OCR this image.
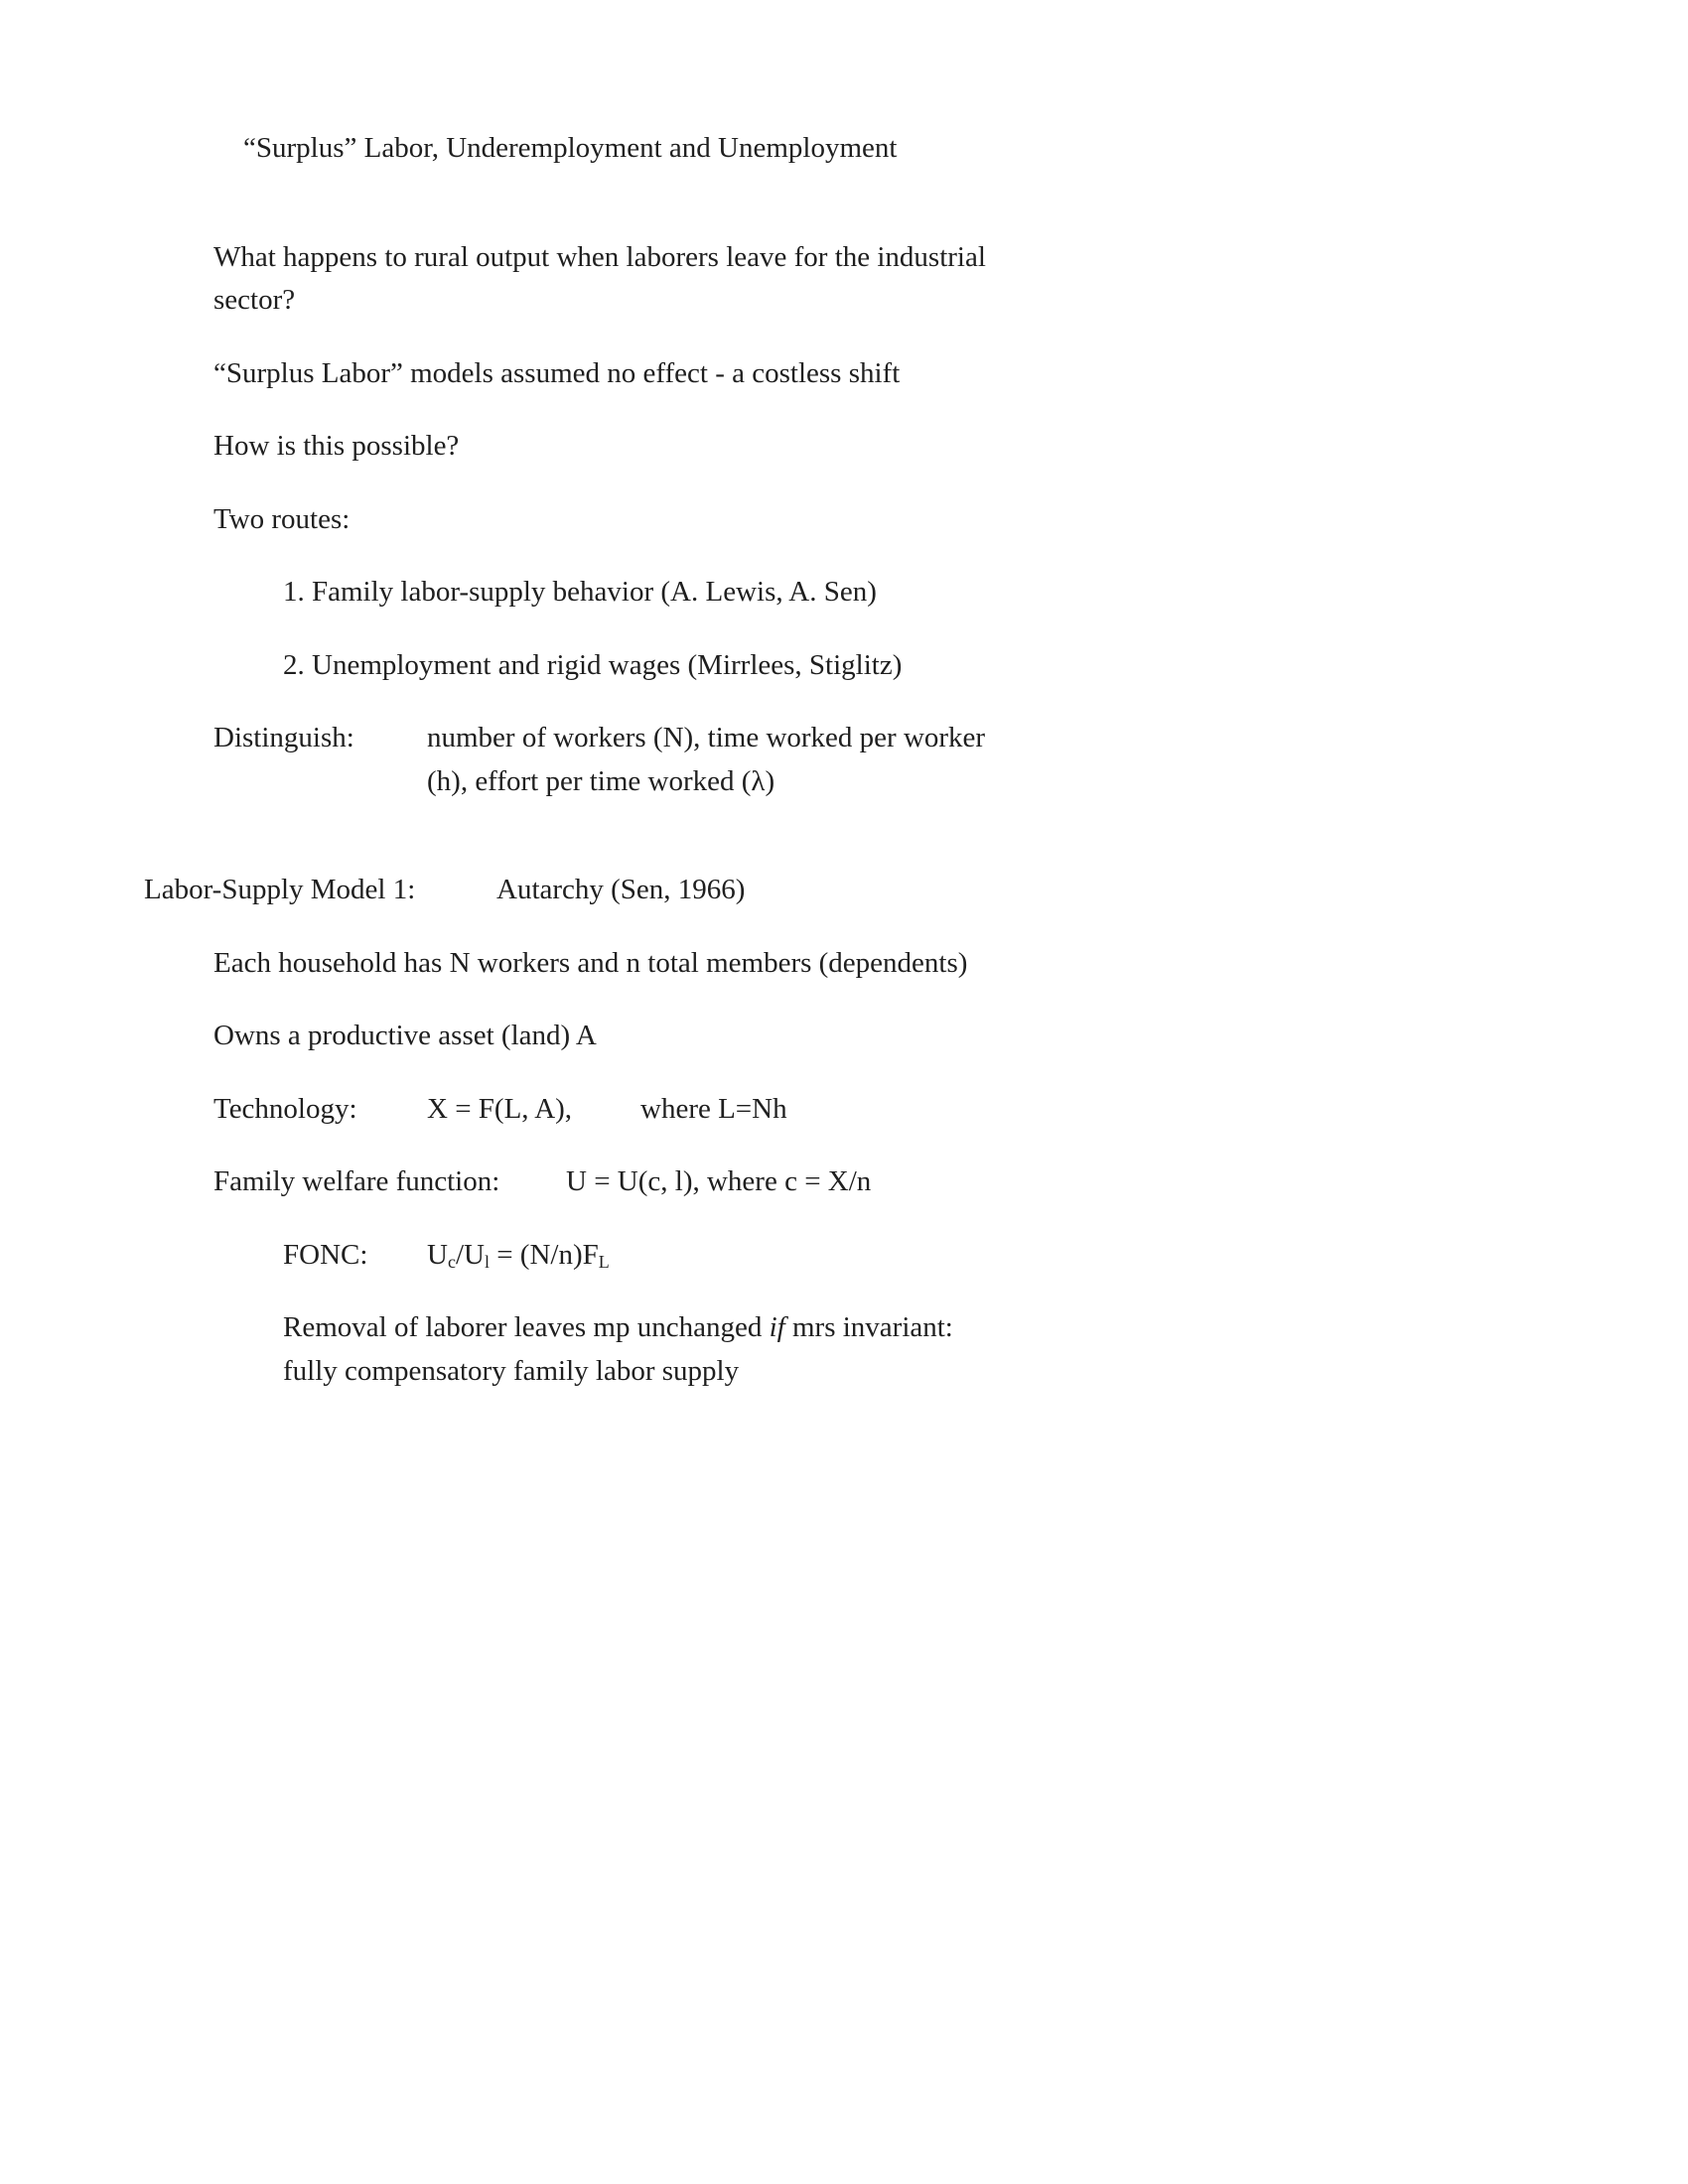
“Surplus” Labor, Underemployment and Unemployment

What happens to rural output when laborers leave for the industrial
sector?

“Surplus Labor” models assumed no effect - a costless shift

How is this possible?

Two routes:

1. Family labor-supply behavior (A. Lewis, A. Sen)

2. Unemployment and rigid wages (Mirrlees, Stiglitz)

Distinguish:	number of workers (N), time worked per worker
(h), effort per time worked (λ)
Labor-Supply Model 1:	Autarchy (Sen, 1966)

Each household has N workers and n total members (dependents)

Owns a productive asset (land) A

Technology:	X = F(L, A),	where L=Nh
Family welfare function:	U = U(c, l), where c = X/n
FONC:	$U_c/U_l = (N/n)F_L$

Removal of laborer leaves mp unchanged if mrs invariant:
fully compensatory family labor supply
